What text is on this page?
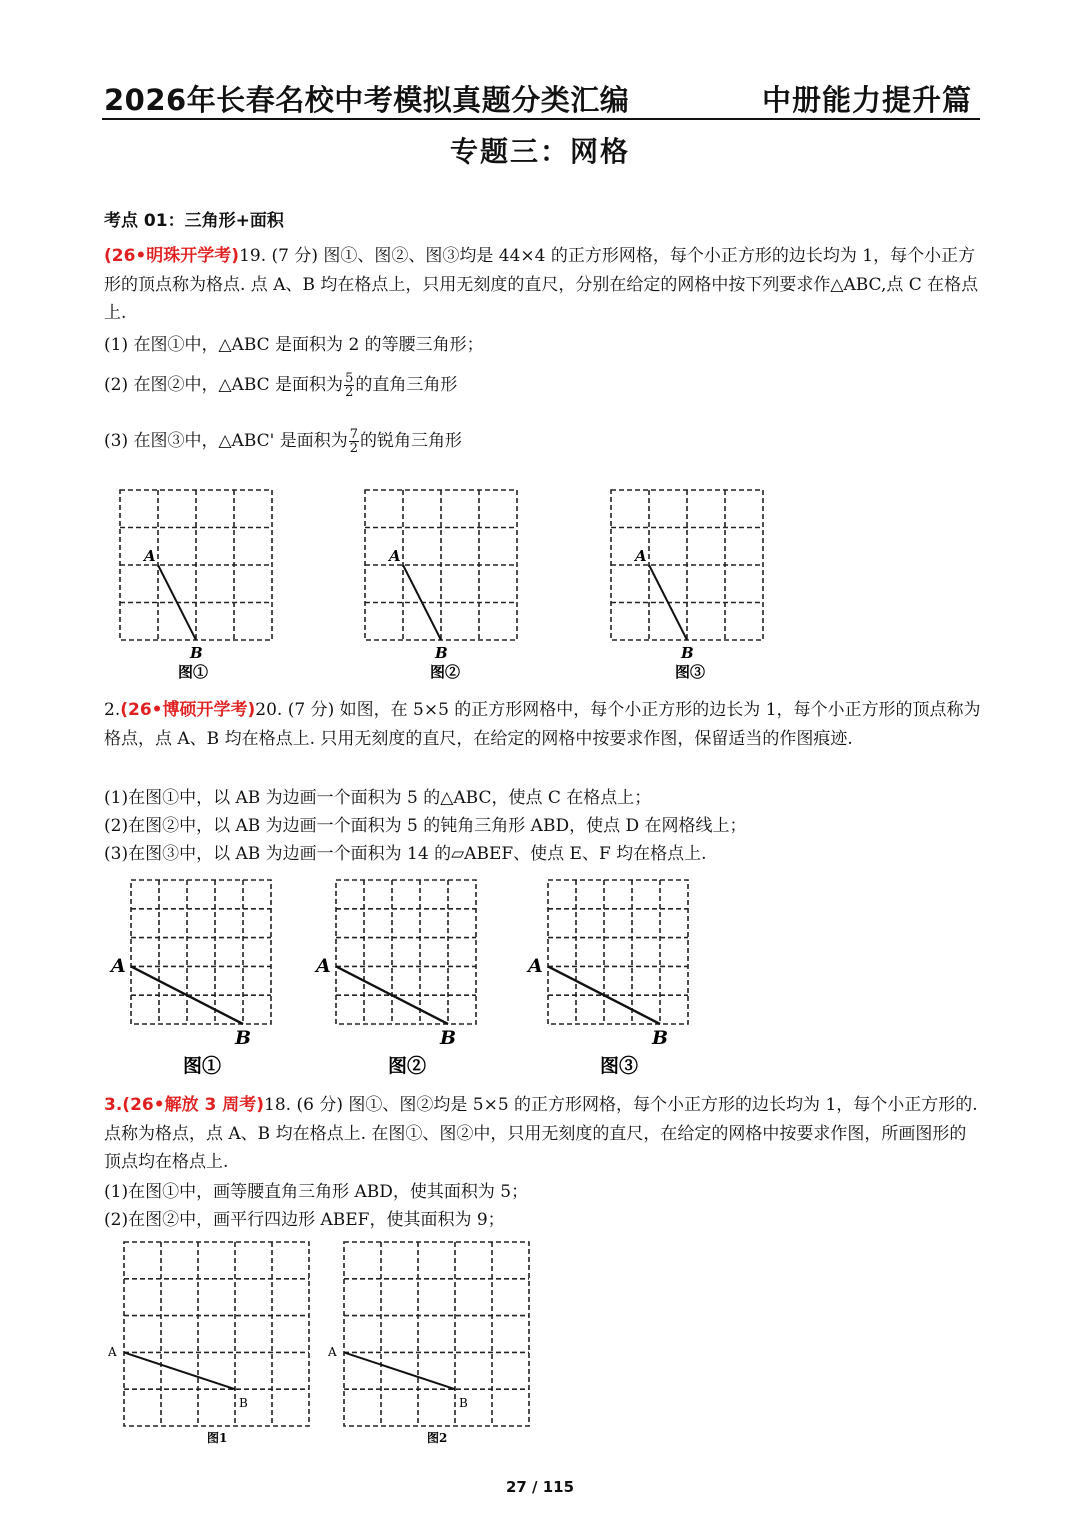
2026年长春名校中考模拟真题分类汇编	中册能力提升篇
专题三：网格
考点 01：三角形+面积
(26•明珠开学考)19. (7 分) 图①、图②、图③均是 44×4 的正方形网格，每个小正方形的边长均为 1，每个小正方形的顶点称为格点. 点 A、B 均在格点上，只用无刻度的直尺，分别在给定的网格中按下列要求作△ABC,点 C 在格点上.
(1) 在图①中，△ABC 是面积为 2 的等腰三角形；
(2) 在图②中，△ABC 是面积为 $\frac{5}{2}$ 的直角三角形
(3) 在图③中，△ABC' 是面积为 $\frac{7}{2}$ 的锐角三角形
A
B
图①
A
B
图②
A
B
图③
2.(26•博硕开学考)20. (7 分) 如图，在 5×5 的正方形网格中，每个小正方形的边长为 1，每个小正方形的顶点称为格点，点 A、B 均在格点上. 只用无刻度的直尺，在给定的网格中按要求作图，保留适当的作图痕迹.
(1)在图①中，以 AB 为边画一个面积为 5 的△ABC，使点 C 在格点上；
(2)在图②中，以 AB 为边画一个面积为 5 的钝角三角形 ABD，使点 D 在网格线上；
(3)在图③中，以 AB 为边画一个面积为 14 的▱ABEF、使点 E、F 均在格点上.
A
B
图①
A
B
图②
A
B
图③
3.(26•解放 3 周考)18. (6 分) 图①、图②均是 5×5 的正方形网格，每个小正方形的边长均为 1，每个小正方形的. 点称为格点，点 A、B 均在格点上. 在图①、图②中，只用无刻度的直尺，在给定的网格中按要求作图，所画图形的顶点均在格点上.
(1)在图①中，画等腰直角三角形 ABD，使其面积为 5；
(2)在图②中，画平行四边形 ABEF，使其面积为 9；
A
B
图1
A
B
图2
27 / 115
